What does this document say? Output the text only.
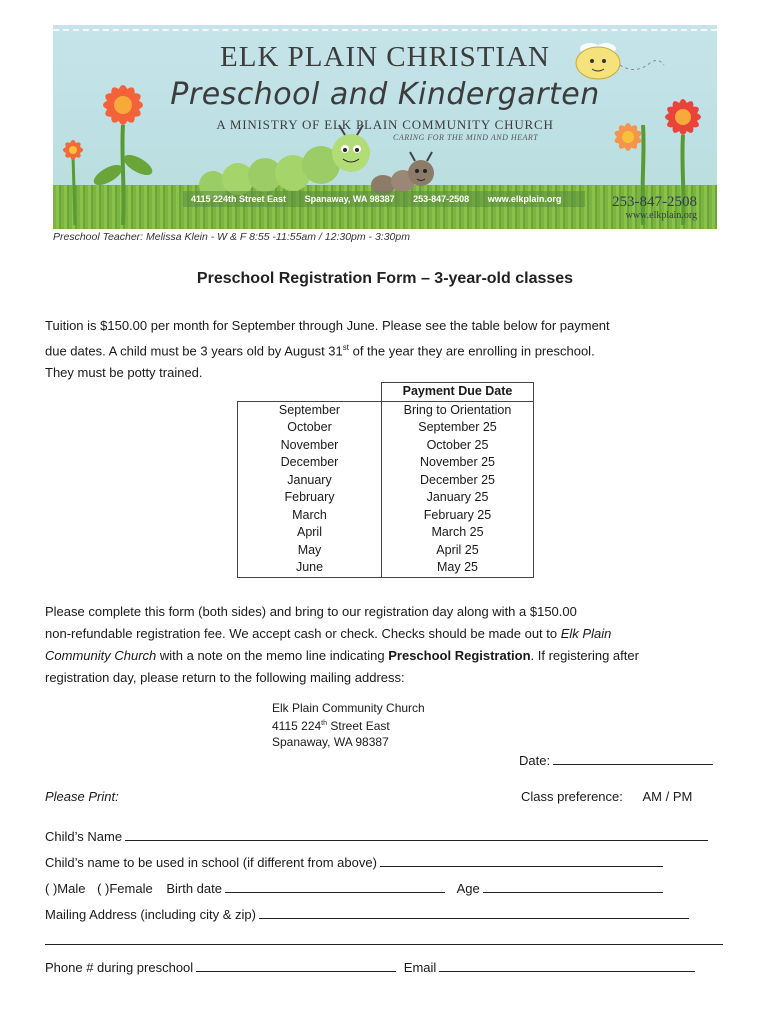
ELK PLAIN CHRISTIAN
Preschool and Kindergarten
A MINISTRY OF ELK PLAIN COMMUNITY CHURCH
CARING FOR THE MIND AND HEART
4115 224th Street East Spanaway, WA 98387 253-847-2508 www.elkplain.org	253-847-2508
www.elkplain.org
Preschool Teacher: Melissa Klein - W & F 8:55 -11:55am / 12:30pm - 3:30pm
Preschool Registration Form – 3-year-old classes
Tuition is $150.00 per month for September through June. Please see the table below for payment
due dates. A child must be 3 years old by August 31st of the year they are enrolling in preschool.
They must be potty trained.
	Payment Due Date
September	Bring to Orientation
October	September 25
November	October 25
December	November 25
January	December 25
February	January 25
March	February 25
April	March 25
May	April 25
June	May 25
Please complete this form (both sides) and bring to our registration day along with a $150.00
non-refundable registration fee. We accept cash or check. Checks should be made out to Elk Plain
Community Church with a note on the memo line indicating Preschool Registration. If registering after
registration day, please return to the following mailing address:
Elk Plain Community Church
4115 224th Street East
Spanaway, WA 98387
Date:
Please Print:	Class preference: AM / PM
Child’s Name
Child’s name to be used in school (if different from above)
( )Male ( )Female Birth date	Age
Mailing Address (including city & zip)
Phone # during preschool	Email
